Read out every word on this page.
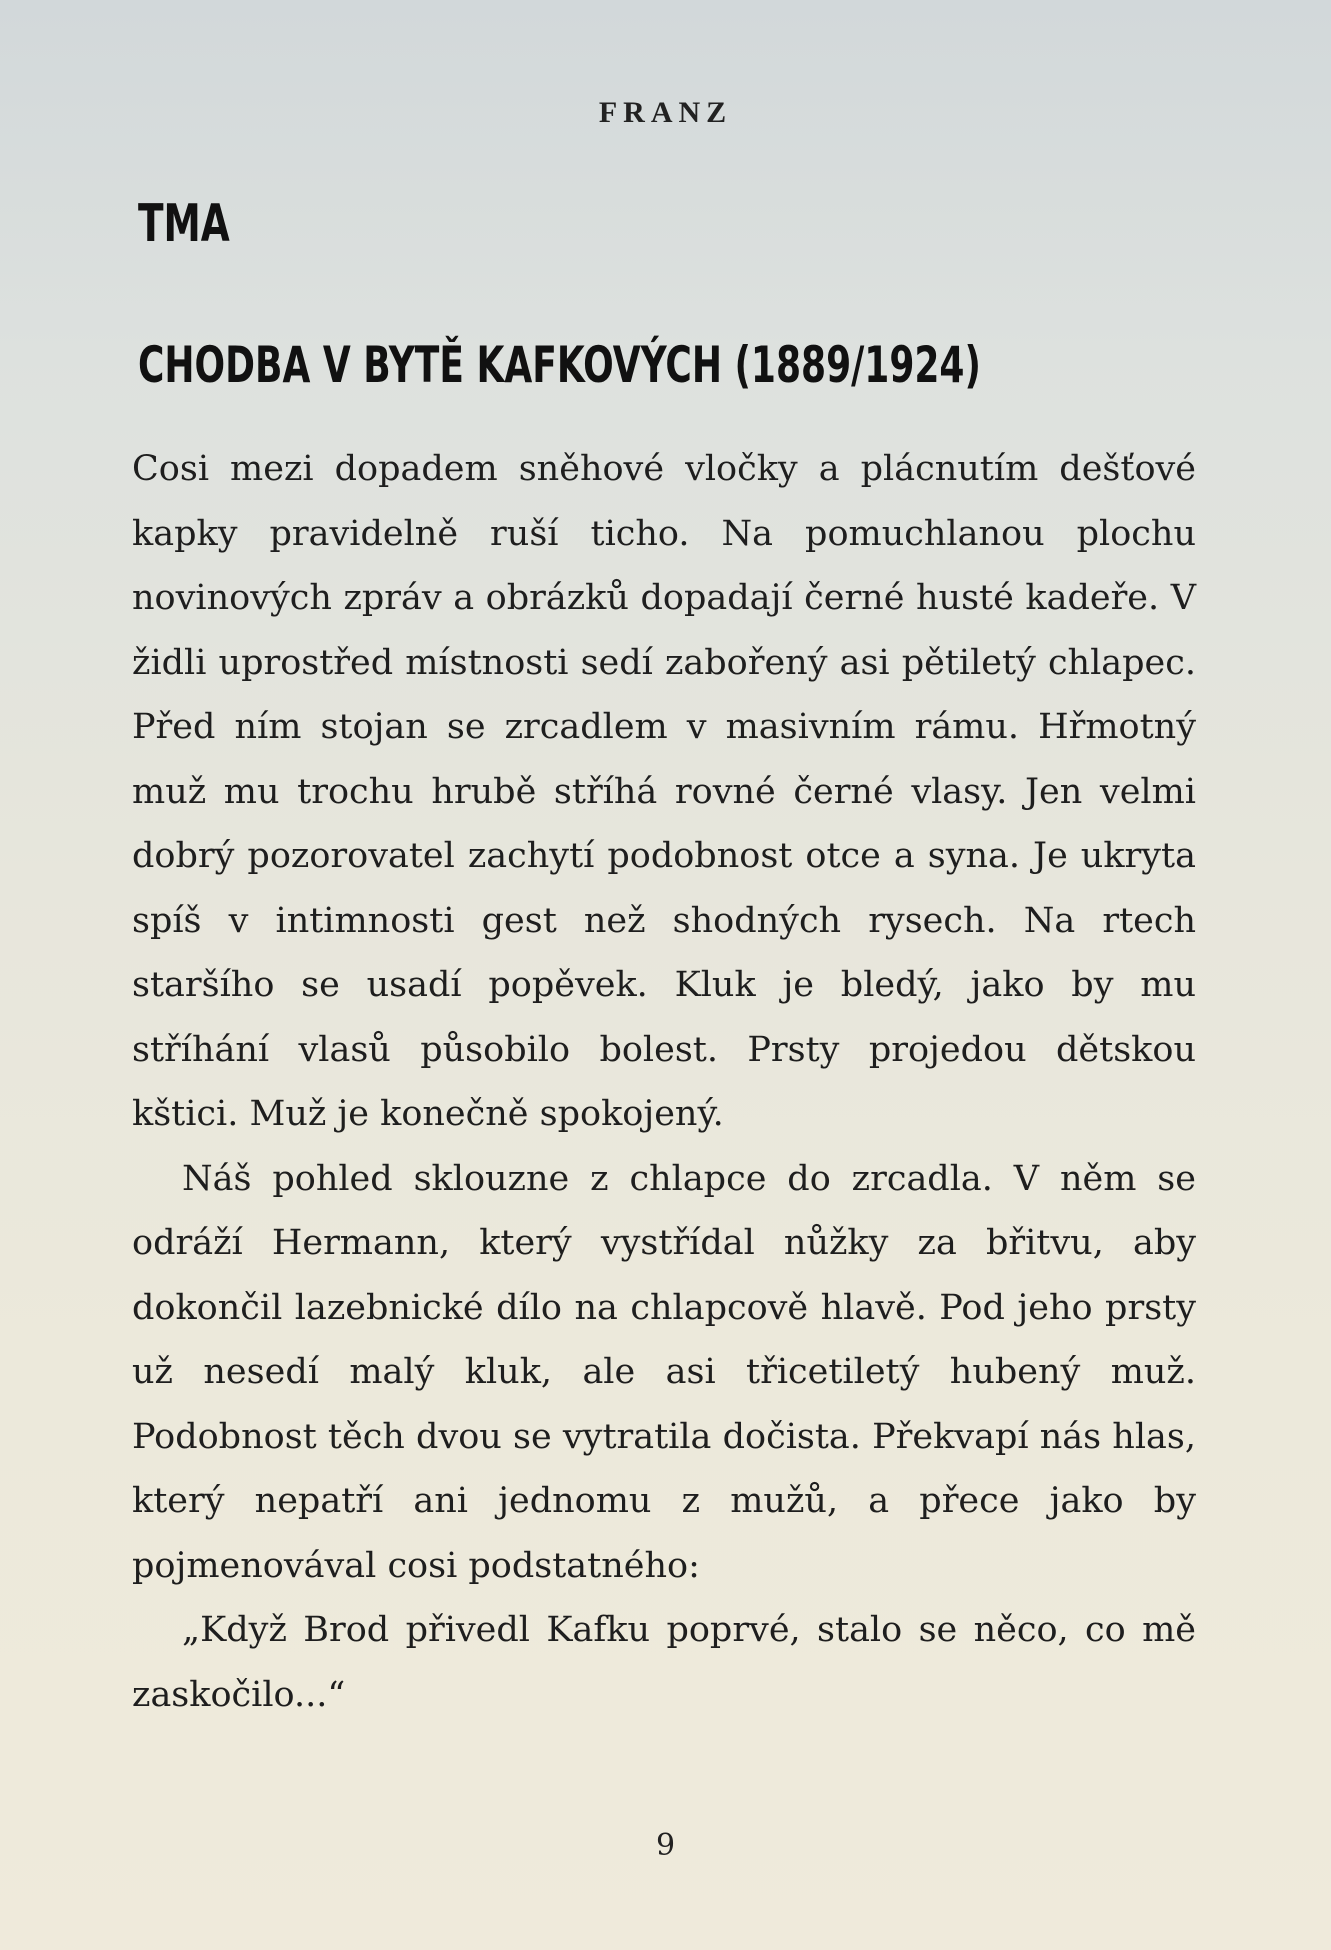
FRANZ
TMA
CHODBA V BYTĚ KAFKOVÝCH (1889/1924)

Cosi mezi dopadem sněhové vločky a plácnutím dešťové kapky pravidelně ruší ticho. Na pomuchlanou plochu novinových zpráv a obrázků dopadají černé husté kadeře. V židli uprostřed místnosti sedí zabořený asi pětiletý chlapec. Před ním stojan se zrcadlem v masivním rámu. Hřmotný muž mu trochu hrubě stříhá rovné černé vlasy. Jen velmi dobrý pozorovatel zachytí podobnost otce a syna. Je ukryta spíš v intimnosti gest než shodných rysech. Na rtech staršího se usadí popěvek. Kluk je bledý, jako by mu stříhání vlasů působilo bolest. Prsty projedou dětskou kštici. Muž je konečně spokojený.

Náš pohled sklouzne z chlapce do zrcadla. V něm se odráží Hermann, který vystřídal nůžky za břitvu, aby dokončil lazebnické dílo na chlapcově hlavě. Pod jeho prsty už nesedí malý kluk, ale asi třicetiletý hubený muž. Podobnost těch dvou se vytratila dočista. Překvapí nás hlas, který nepatří ani jednomu z mužů, a přece jako by pojmenovával cosi podstatného:

„Když Brod přivedl Kafku poprvé, stalo se něco, co mě zaskočilo...“

9
